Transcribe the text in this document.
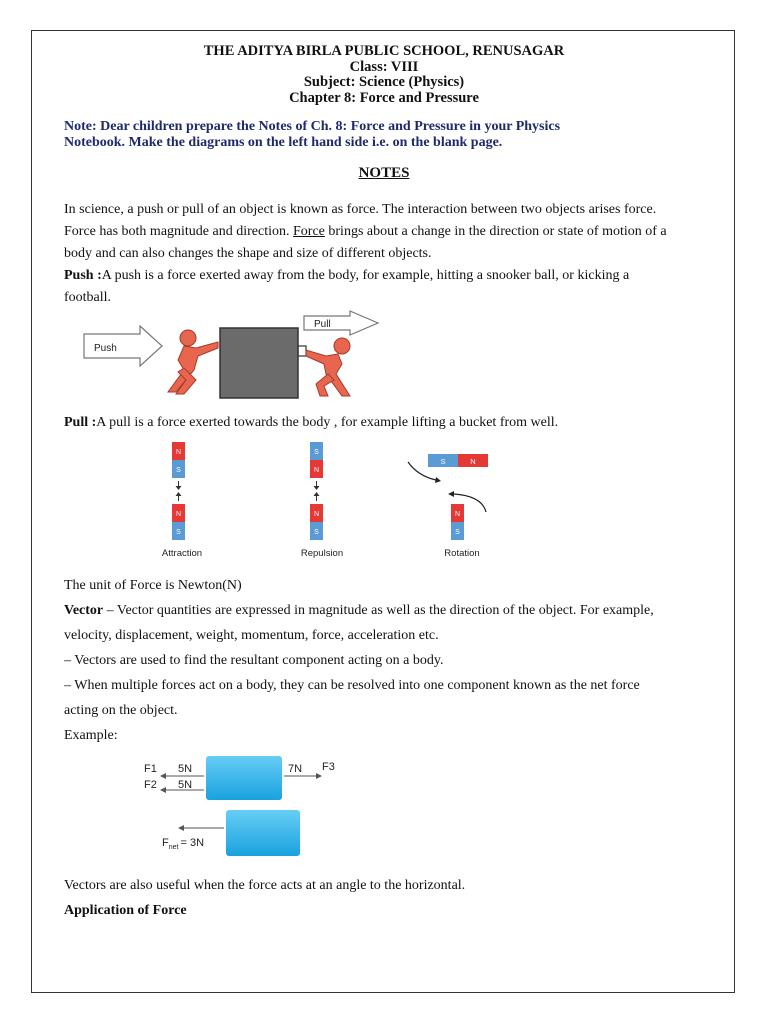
THE ADITYA BIRLA PUBLIC SCHOOL, RENUSAGAR
Class: VIII
Subject: Science (Physics)
Chapter 8: Force and Pressure
Note: Dear children prepare the Notes of Ch. 8: Force and Pressure in your Physics
Notebook. Make the diagrams on the left hand side i.e. on the blank page.
NOTES
In science, a push or pull of an object is known as force. The interaction between two objects arises force.
Force has both magnitude and direction. Force brings about a change in the direction or state of motion of a
body and can also changes the shape and size of different objects.
Push :A push is a force exerted away from the body, for example, hitting a snooker ball, or kicking a
football.
Push
Pull
Pull :A pull is a force exerted towards the body , for example lifting a bucket from well.
N
S
N
S
Attraction
S
N
N
S
Repulsion
S	N
N
S
Rotation
The unit of Force is Newton(N)
Vector – Vector quantities are expressed in magnitude as well as the direction of the object. For example,
velocity, displacement, weight, momentum, force, acceleration etc.
– Vectors are used to find the resultant component acting on a body.
– When multiple forces act on a body, they can be resolved into one component known as the net force
acting on the object.
Example:
F1 5N
F2 5N
7N F3
$F_{net} = 3N$
Vectors are also useful when the force acts at an angle to the horizontal.
Application of Force
